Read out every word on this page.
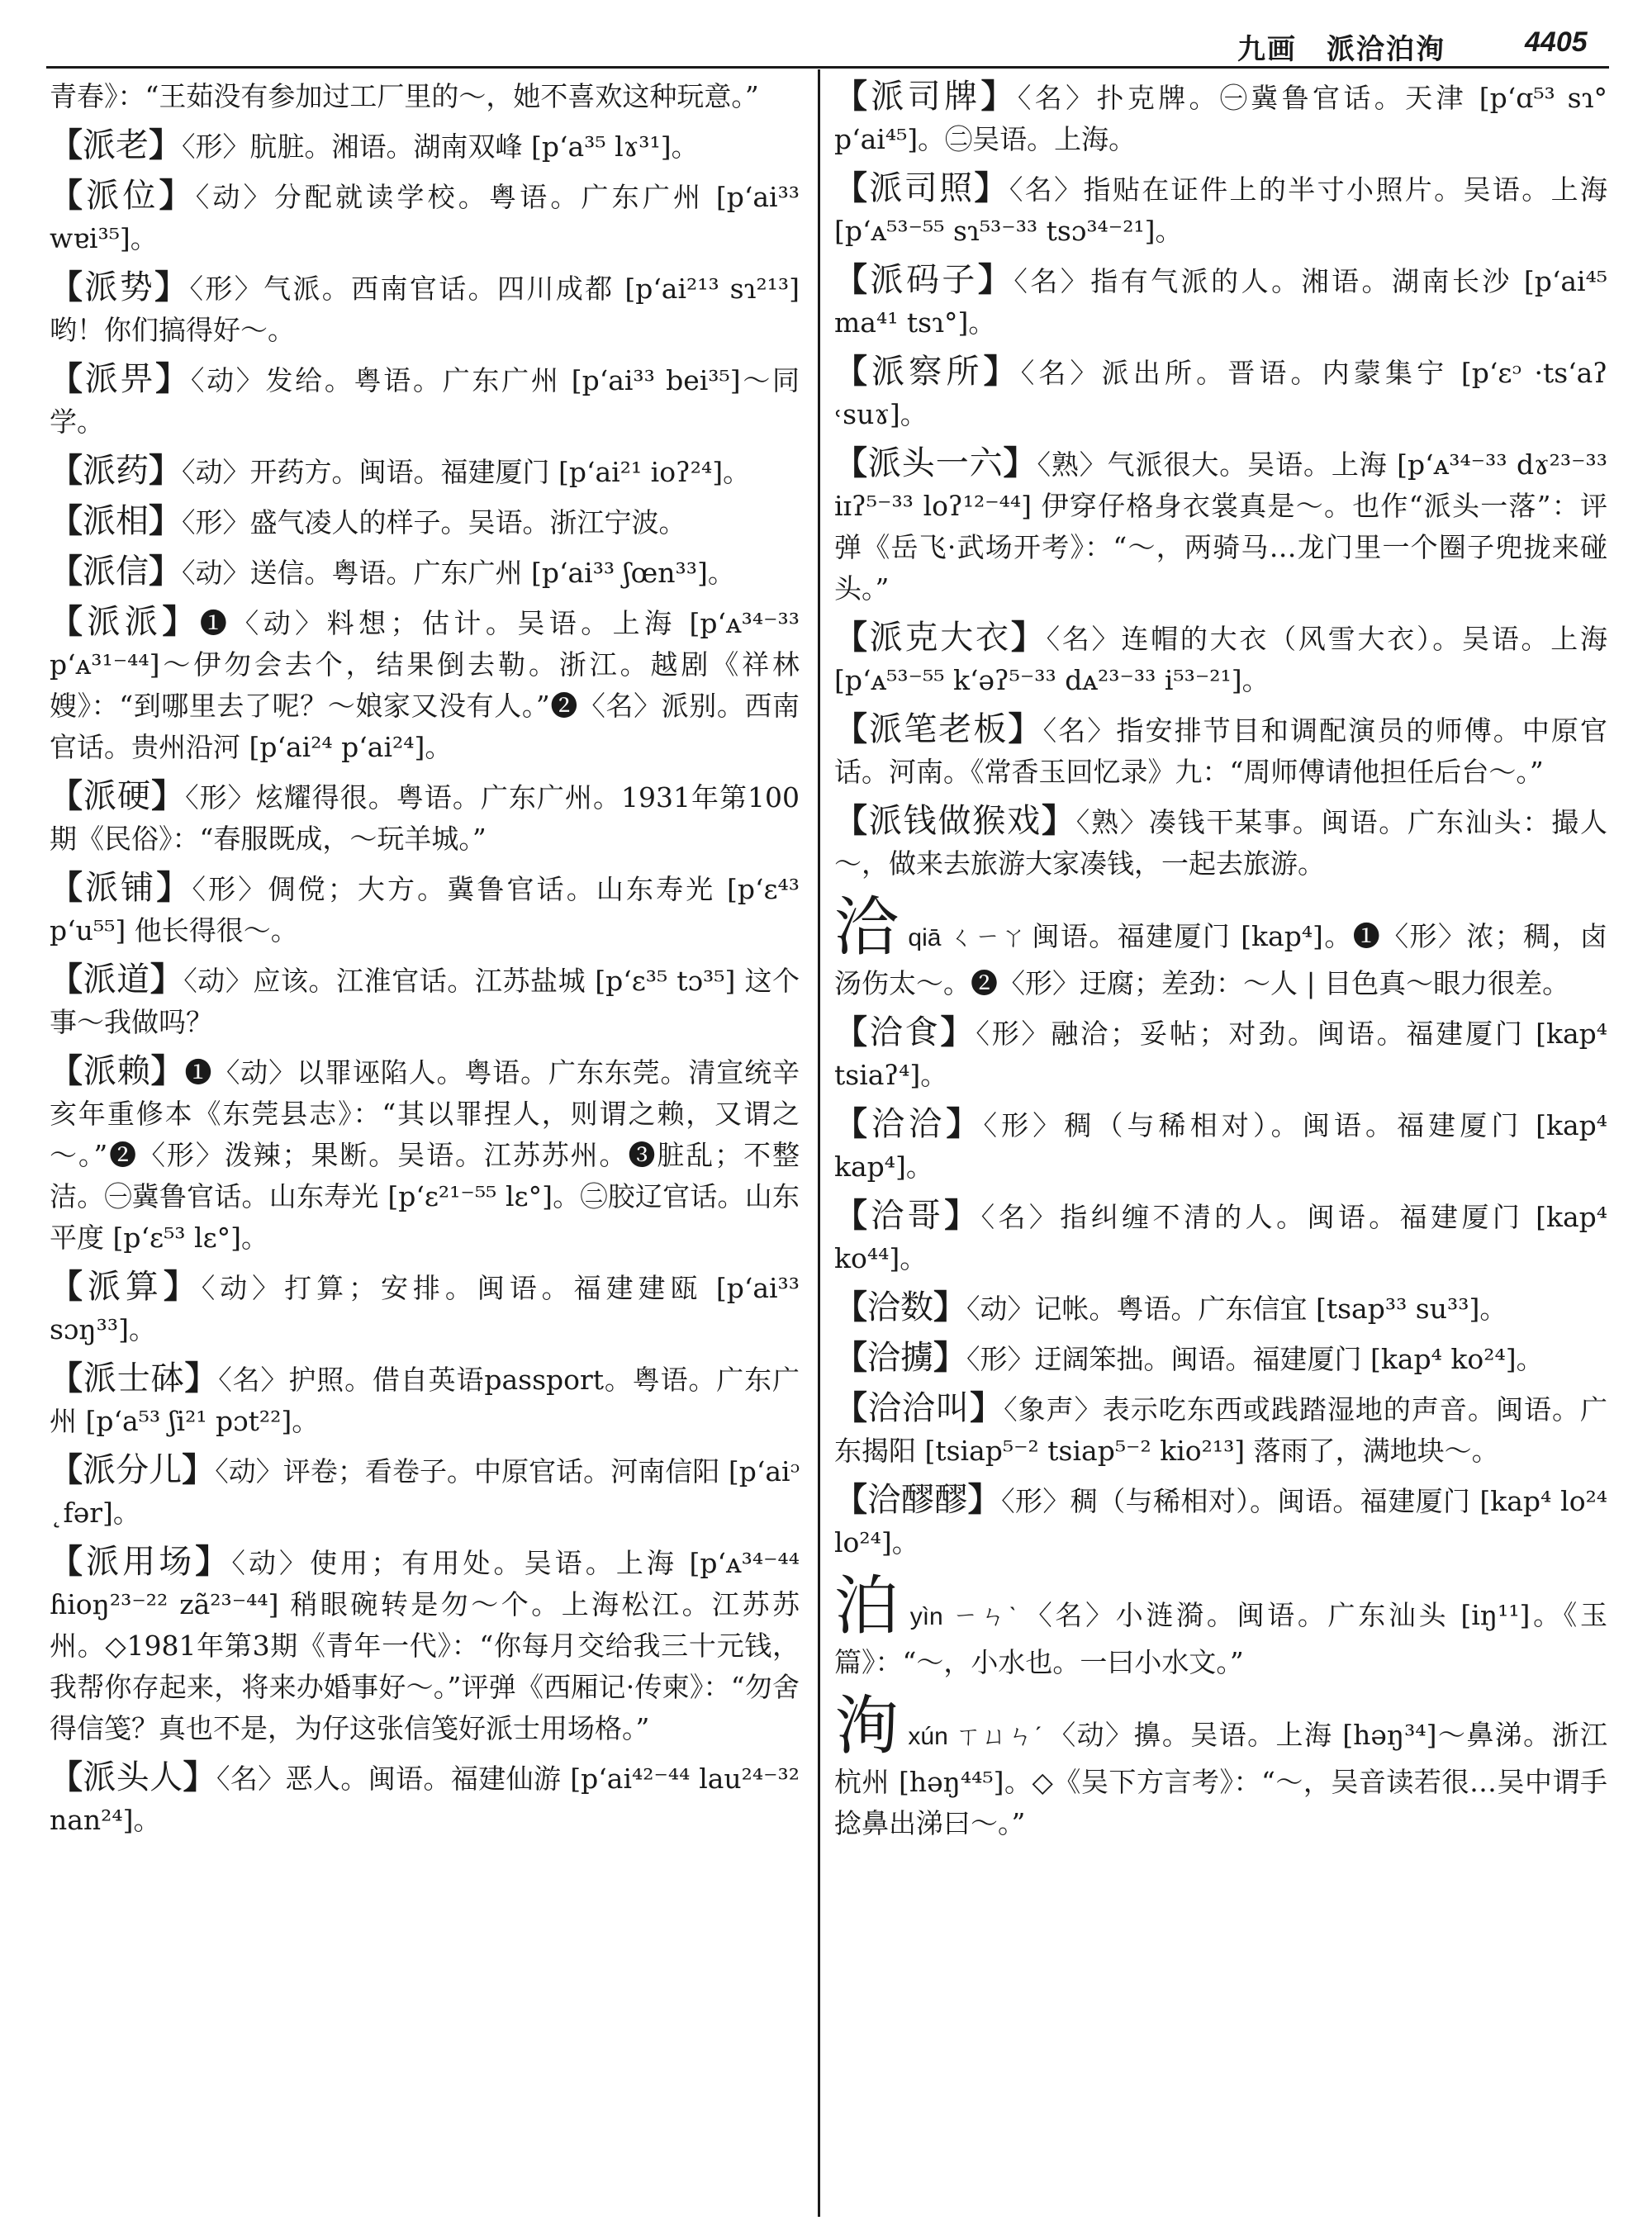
九画　派洽泊洵	4405
青春》：“王茹没有参加过工厂里的～，她不喜欢这种玩意。”
【派老】〈形〉肮脏。湘语。湖南双峰 [pʻa³⁵ lɤ³¹]。
【派位】〈动〉分配就读学校。粤语。广东广州 [pʻai³³ wɐi³⁵]。
【派势】〈形〉气派。西南官话。四川成都 [pʻai²¹³ sɿ²¹³] 哟！你们搞得好～。
【派畀】〈动〉发给。粤语。广东广州 [pʻai³³ bei³⁵]～同学。
【派药】〈动〉开药方。闽语。福建厦门 [pʻai²¹ ioʔ²⁴]。
【派相】〈形〉盛气凌人的样子。吴语。浙江宁波。
【派信】〈动〉送信。粤语。广东广州 [pʻai³³ ʃœn³³]。
【派派】❶〈动〉料想；估计。吴语。上海 [pʻᴀ³⁴⁻³³ pʻᴀ³¹⁻⁴⁴]～伊勿会去个，结果倒去勒。浙江。越剧《祥林嫂》：“到哪里去了呢？～娘家又没有人。”❷〈名〉派别。西南官话。贵州沿河 [pʻai²⁴ pʻai²⁴]。
【派硬】〈形〉炫耀得很。粤语。广东广州。1931年第100期《民俗》：“春服既成，～玩羊城。”
【派铺】〈形〉倜傥；大方。冀鲁官话。山东寿光 [pʻɛ⁴³ pʻu⁵⁵] 他长得很～。
【派道】〈动〉应该。江淮官话。江苏盐城 [pʻɛ³⁵ tɔ³⁵] 这个事～我做吗？
【派赖】❶〈动〉以罪诬陷人。粤语。广东东莞。清宣统辛亥年重修本《东莞县志》：“其以罪捏人，则谓之赖，又谓之～。”❷〈形〉泼辣；果断。吴语。江苏苏州。❸脏乱；不整洁。㊀冀鲁官话。山东寿光 [pʻɛ²¹⁻⁵⁵ lɛ°]。㊁胶辽官话。山东平度 [pʻɛ⁵³ lɛ°]。
【派算】〈动〉打算；安排。闽语。福建建瓯 [pʻai³³ sɔŋ³³]。
【派士砵】〈名〉护照。借自英语passport。粤语。广东广州 [pʻa⁵³ ʃi²¹ pɔt²²]。
【派分儿】〈动〉评卷；看卷子。中原官话。河南信阳 [pʻaiᵓ ˛fər]。
【派用场】〈动〉使用；有用处。吴语。上海 [pʻᴀ³⁴⁻⁴⁴ ɦioŋ²³⁻²² zã²³⁻⁴⁴] 稍眼碗转是勿～个。上海松江。江苏苏州。◇1981年第3期《青年一代》：“你每月交给我三十元钱，我帮你存起来，将来办婚事好～。”评弹《西厢记·传柬》：“勿舍得信笺？真也不是，为仔这张信笺好派士用场格。”
【派头人】〈名〉恶人。闽语。福建仙游 [pʻai⁴²⁻⁴⁴ lau²⁴⁻³² nan²⁴]。
【派司牌】〈名〉扑克牌。㊀冀鲁官话。天津 [pʻɑ⁵³ sɿ° pʻai⁴⁵]。㊁吴语。上海。
【派司照】〈名〉指贴在证件上的半寸小照片。吴语。上海 [pʻᴀ⁵³⁻⁵⁵ sɿ⁵³⁻³³ tsɔ³⁴⁻²¹]。
【派码子】〈名〉指有气派的人。湘语。湖南长沙 [pʻai⁴⁵ ma⁴¹ tsɿ°]。
【派察所】〈名〉派出所。晋语。内蒙集宁 [pʻɛᵓ ·tsʻaʔ ˓suɤ]。
【派头一六】〈熟〉气派很大。吴语。上海 [pʻᴀ³⁴⁻³³ dɤ²³⁻³³ iɪʔ⁵⁻³³ loʔ¹²⁻⁴⁴] 伊穿仔格身衣裳真是～。也作“派头一落”：评弹《岳飞·武场开考》：“～，两骑马…龙门里一个圈子兜拢来碰头。”
【派克大衣】〈名〉连帽的大衣（风雪大衣）。吴语。上海 [pʻᴀ⁵³⁻⁵⁵ kʻəʔ⁵⁻³³ dᴀ²³⁻³³ i⁵³⁻²¹]。
【派笔老板】〈名〉指安排节目和调配演员的师傅。中原官话。河南。《常香玉回忆录》九：“周师傅请他担任后台～。”
【派钱做猴戏】〈熟〉凑钱干某事。闽语。广东汕头：撮人～，做来去旅游大家凑钱，一起去旅游。
洽qiā ㄑㄧㄚ 闽语。福建厦门 [kap⁴]。❶〈形〉浓；稠，卤汤伤太～。❷〈形〉迂腐；差劲：～人 | 目色真～眼力很差。
【洽食】〈形〉融洽；妥帖；对劲。闽语。福建厦门 [kap⁴ tsiaʔ⁴]。
【洽洽】〈形〉稠（与稀相对）。闽语。福建厦门 [kap⁴ kap⁴]。
【洽哥】〈名〉指纠缠不清的人。闽语。福建厦门 [kap⁴ ko⁴⁴]。
【洽数】〈动〉记帐。粤语。广东信宜 [tsap³³ su³³]。
【洽擄】〈形〉迂阔笨拙。闽语。福建厦门 [kap⁴ ko²⁴]。
【洽洽叫】〈象声〉表示吃东西或践踏湿地的声音。闽语。广东揭阳 [tsiap⁵⁻² tsiap⁵⁻² kio²¹³] 落雨了，满地块～。
【洽醪醪】〈形〉稠（与稀相对）。闽语。福建厦门 [kap⁴ lo²⁴ lo²⁴]。
泊yìn ㄧㄣˋ 〈名〉小涟漪。闽语。广东汕头 [iŋ¹¹]。《玉篇》：“～，小水也。一曰小水文。”
洵xún ㄒㄩㄣˊ 〈动〉擤。吴语。上海 [həŋ³⁴]～鼻涕。浙江杭州 [həŋ⁴⁴⁵]。◇《吴下方言考》：“～，吴音读若很…吴中谓手捻鼻出涕曰～。”
